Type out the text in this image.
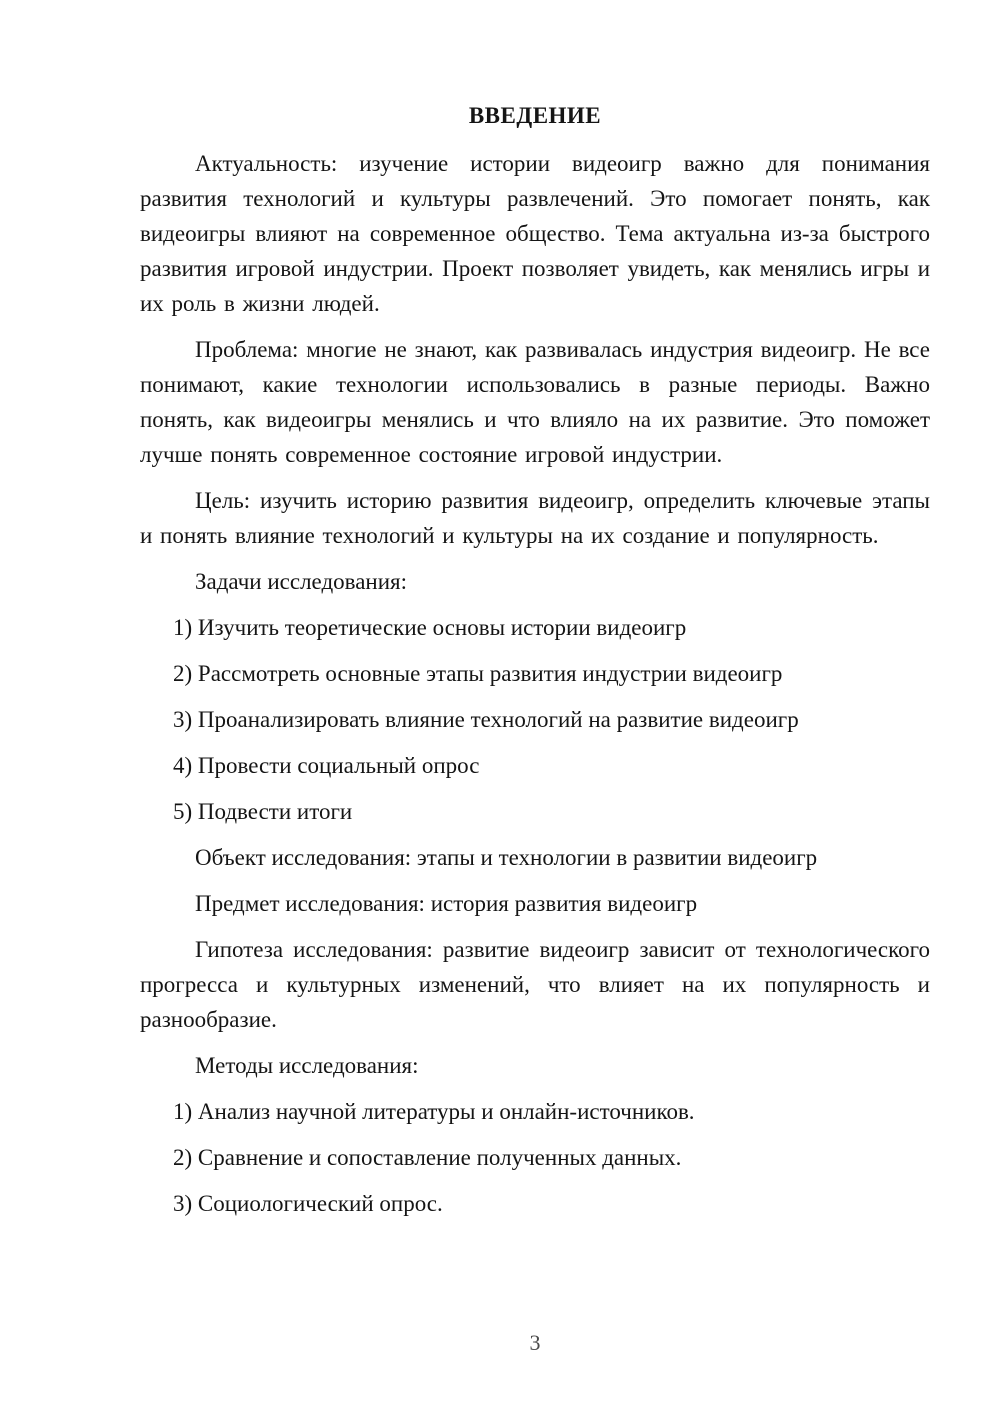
ВВЕДЕНИЕ

Актуальность: изучение истории видеоигр важно для понимания развития технологий и культуры развлечений. Это помогает понять, как видеоигры влияют на современное общество. Тема актуальна из-за быстрого развития игровой индустрии. Проект позволяет увидеть, как менялись игры и их роль в жизни людей.

Проблема: многие не знают, как развивалась индустрия видеоигр. Не все понимают, какие технологии использовались в разные периоды. Важно понять, как видеоигры менялись и что влияло на их развитие. Это поможет лучше понять современное состояние игровой индустрии.

Цель: изучить историю развития видеоигр, определить ключевые этапы и понять влияние технологий и культуры на их создание и популярность.

Задачи исследования:

1) Изучить теоретические основы истории видеоигр
2) Рассмотреть основные этапы развития индустрии видеоигр
3) Проанализировать влияние технологий на развитие видеоигр
4) Провести социальный опрос
5) Подвести итоги

Объект исследования: этапы и технологии в развитии видеоигр

Предмет исследования: история развития видеоигр

Гипотеза исследования: развитие видеоигр зависит от технологического прогресса и культурных изменений, что влияет на их популярность и разнообразие.

Методы исследования:

1) Анализ научной литературы и онлайн-источников.
2) Сравнение и сопоставление полученных данных.
3) Социологический опрос.
3
